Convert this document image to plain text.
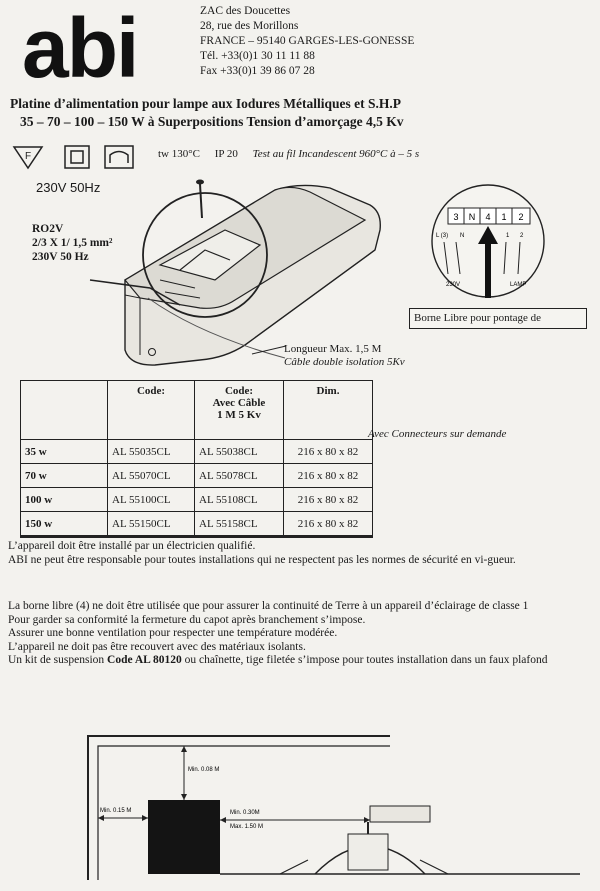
abi	ZAC des Doucettes
28, rue des Morillons
FRANCE – 95140 GARGES-LES-GONESSE
Tél. +33(0)1 30 11 11 88
Fax +33(0)1 39 86 07 28
Platine d’alimentation pour lampe aux Iodures Métalliques et S.H.P
35 – 70 – 100 – 150 W à Superpositions Tension d’amorçage 4,5 Kv
F	tw 130°C IP 20 Test au fil Incandescent 960°C à – 5 s
230V 50Hz
RO2V
2/3 X 1/ 1,5 mm²
230V 50 Hz
3 N 4 1 2
L (3) N	1 2
230V	LAMP
Borne Libre pour pontage de
Longueur Max. 1,5 M
Câble double isolation 5Kv
	Code:	Code:
Avec Câble
1 M 5 Kv	Dim.
35 w	AL 55035CL	AL 55038CL	216 x 80 x 82
70 w	AL 55070CL	AL 55078CL	216 x 80 x 82
100 w	AL 55100CL	AL 55108CL	216 x 80 x 82
150 w	AL 55150CL	AL 55158CL	216 x 80 x 82
Avec Connecteurs sur demande
L’appareil doit être installé par un électricien qualifié.
ABI ne peut être responsable pour toutes installations qui ne respectent pas les normes de sécurité en vi-gueur.
La borne libre (4) ne doit être utilisée que pour assurer la continuité de Terre à un appareil d’éclairage de classe 1
Pour garder sa conformité la fermeture du capot après branchement s’impose.
Assurer une bonne ventilation pour respecter une température modérée.
L’appareil ne doit pas être recouvert avec des matériaux isolants.
Un kit de suspension Code AL 80120 ou chaînette, tige filetée s’impose pour toutes installation dans un faux plafond
Min. 0.08 M
Min. 0.15 M	Min. 0.30M
Max. 1.50 M
